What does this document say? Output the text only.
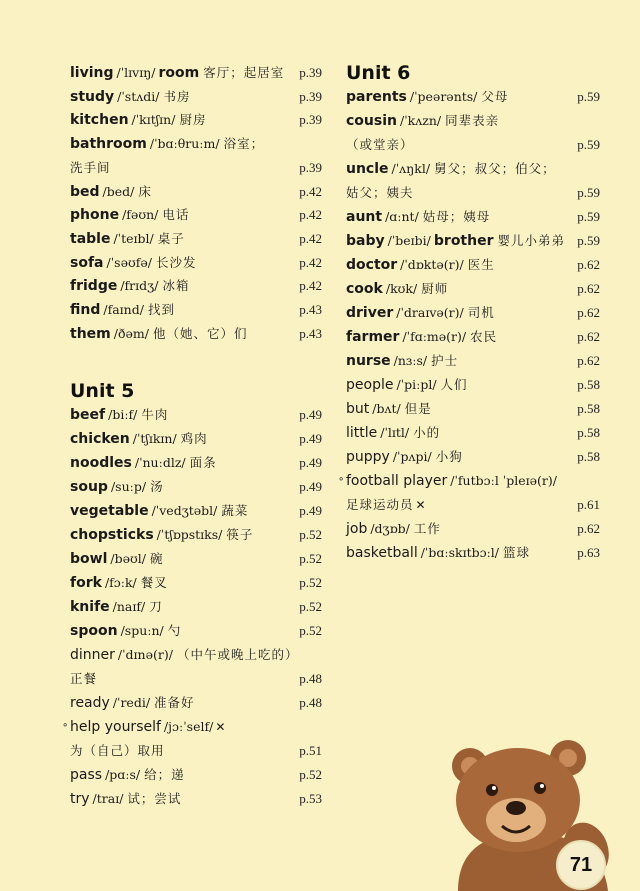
Unit 5
living /ˈlɪvɪŋ/ room 客厅；起居室 p.39
study /ˈstʌdi/ 书房	p.39
kitchen /ˈkɪtʃɪn/ 厨房	p.39
bathroom /ˈbɑːθruːm/ 浴室；
洗手间	p.39
bed /bed/ 床	p.42
phone /fəʊn/ 电话	p.42
table /ˈteɪbl/ 桌子	p.42
sofa /ˈsəʊfə/ 长沙发	p.42
fridge /frɪdʒ/ 冰箱	p.42
find /faɪnd/ 找到	p.43
them /ðəm/ 他（她、它）们	p.43
beef /biːf/ 牛肉	p.49
chicken /ˈtʃɪkɪn/ 鸡肉	p.49
noodles /ˈnuːdlz/ 面条	p.49
soup /suːp/ 汤	p.49
vegetable /ˈvedʒtəbl/ 蔬菜	p.49
chopsticks /ˈtʃɒpstɪks/ 筷子	p.52
bowl /bəʊl/ 碗	p.52
fork /fɔːk/ 餐叉	p.52
knife /naɪf/ 刀	p.52
spoon /spuːn/ 勺	p.52
dinner /ˈdɪnə(r)/ （中午或晚上吃的）
正餐	p.48
ready /ˈredi/ 准备好	p.48
∘ help yourself /jɔːˈself/ ✕
为（自己）取用	p.51
pass /pɑːs/ 给；递	p.52
try /traɪ/ 试；尝试	p.53
Unit 6
parents /ˈpeərənts/ 父母	p.59
cousin /ˈkʌzn/ 同辈表亲
（或堂亲）	p.59
uncle /ˈʌŋkl/ 舅父；叔父；伯父；
姑父；姨夫	p.59
aunt /ɑːnt/ 姑母；姨母	p.59
baby /ˈbeɪbi/ brother 婴儿小弟弟 p.59
doctor /ˈdɒktə(r)/ 医生	p.62
cook /kʊk/ 厨师	p.62
driver /ˈdraɪvə(r)/ 司机	p.62
farmer /ˈfɑːmə(r)/ 农民	p.62
nurse /nɜːs/ 护士	p.62
people /ˈpiːpl/ 人们	p.58
but /bʌt/ 但是	p.58
little /ˈlɪtl/ 小的	p.58
puppy /ˈpʌpi/ 小狗	p.58
∘ football player /ˈfutbɔːl ˈpleɪə(r)/
足球运动员 ✕	p.61
job /dʒɒb/ 工作	p.62
basketball /ˈbɑːskɪtbɔːl/ 篮球	p.63
71
